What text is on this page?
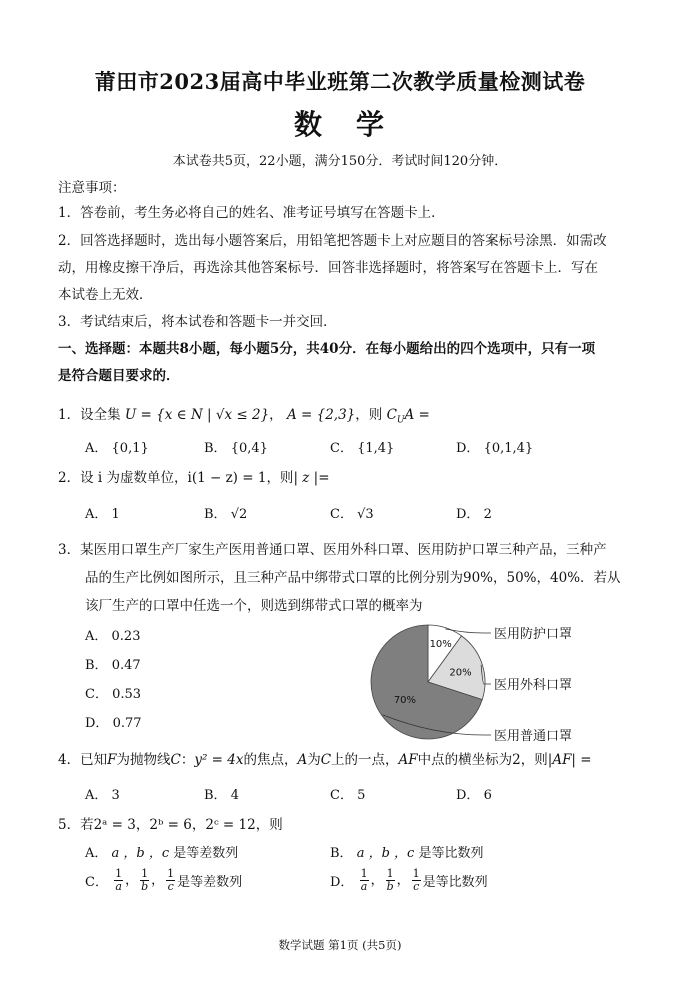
莆田市2023届高中毕业班第二次教学质量检测试卷
数 学
本试卷共5页，22小题，满分150分．考试时间120分钟．
注意事项：
1．答卷前，考生务必将自己的姓名、准考证号填写在答题卡上．
2．回答选择题时，选出每小题答案后，用铅笔把答题卡上对应题目的答案标号涂黑．如需改
动，用橡皮擦干净后，再选涂其他答案标号．回答非选择题时，将答案写在答题卡上．写在
本试卷上无效．
3．考试结束后，将本试卷和答题卡一并交回．
一、选择题：本题共8小题，每小题5分，共40分．在每小题给出的四个选项中，只有一项
是符合题目要求的．
1．设全集 U = {x ∈ N | √x ≤ 2}， A = {2,3}，则 $C_UA$ =
A． {0,1}	B． {0,4}	C． {1,4}	D． {0,1,4}
2．设 i 为虚数单位，i(1 − z) = 1，则| z |=
A． 1	B． √2	C． √3	D． 2
3．某医用口罩生产厂家生产医用普通口罩、医用外科口罩、医用防护口罩三种产品，三种产
品的生产比例如图所示，且三种产品中绑带式口罩的比例分别为90%，50%，40%．若从
该厂生产的口罩中任选一个，则选到绑带式口罩的概率为
A． 0.23
B． 0.47
C． 0.53
D． 0.77
10%
20%
70%
医用防护口罩
医用外科口罩
医用普通口罩
4．已知F为抛物线C：y² = 4x的焦点，A为C上的一点，AF中点的横坐标为2，则|AF| =
A． 3	B． 4	C． 5	D． 6
5．若2ᵃ = 3，2ᵇ = 6，2ᶜ = 12，则
A． a ，b ，c 是等差数列	B． a ，b ，c 是等比数列
C． $\frac{1}{a}$ ， $\frac{1}{b}$ ， $\frac{1}{c}$ 是等差数列	D． $\frac{1}{a}$ ， $\frac{1}{b}$ ， $\frac{1}{c}$ 是等比数列
数学试题 第1页 (共5页)
